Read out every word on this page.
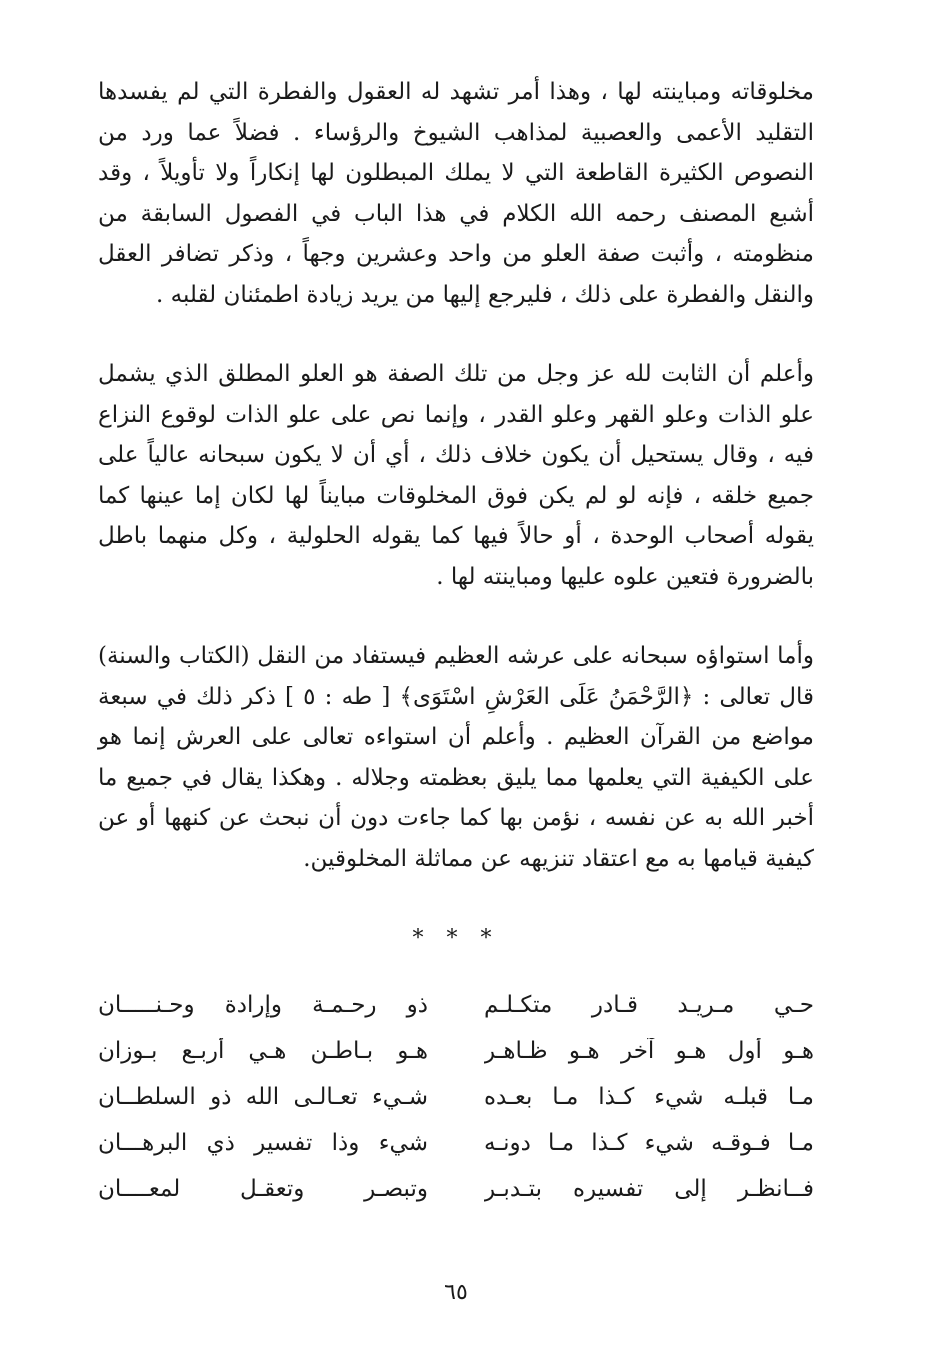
مخلوقاته ومباينته لها ، وهذا أمر تشهد له العقول والفطرة التي لم يفسدها التقليد الأعمى والعصبية لمذاهب الشيوخ والرؤساء . فضلاً عما ورد من النصوص الكثيرة القاطعة التي لا يملك المبطلون لها إنكاراً ولا تأويلاً ، وقد أشبع المصنف رحمه الله الكلام في هذا الباب في الفصول السابقة من منظومته ، وأثبت صفة العلو من واحد وعشرين وجهاً ، وذكر تضافر العقل والنقل والفطرة على ذلك ، فليرجع إليها من يريد زيادة اطمئنان لقلبه .

وأعلم أن الثابت لله عز وجل من تلك الصفة هو العلو المطلق الذي يشمل علو الذات وعلو القهر وعلو القدر ، وإنما نص على علو الذات لوقوع النزاع فيه ، وقال يستحيل أن يكون خلاف ذلك ، أي أن لا يكون سبحانه عالياً على جميع خلقه ، فإنه لو لم يكن فوق المخلوقات مبايناً لها لكان إما عينها كما يقوله أصحاب الوحدة ، أو حالاً فيها كما يقوله الحلولية ، وكل منهما باطل بالضرورة فتعين علوه عليها ومباينته لها .

وأما استواؤه سبحانه على عرشه العظيم فيستفاد من النقل (الكتاب والسنة) قال تعالى : ﴿الرَّحْمَنُ عَلَى العَرْشِ اسْتَوَى﴾ [ طه : ٥ ] ذكر ذلك في سبعة مواضع من القرآن العظيم . وأعلم أن استواءه تعالى على العرش إنما هو على الكيفية التي يعلمها مما يليق بعظمته وجلاله . وهكذا يقال في جميع ما أخبر الله به عن نفسه ، نؤمن بها كما جاءت دون أن نبحث عن كنهها أو عن كيفية قيامها به مع اعتقاد تنزيهه عن مماثلة المخلوقين.

* * *
حـي مـريـد قـادر متكـلـم
ذو رحـمـة وإرادة وحـنـــــان
هـو أول هـو آخر هـو ظـاهـر
هـو بـاطـن هـي أربـع بـوزان
مـا قبلـه شيء كـذا مـا بعـده
شـيء تعـالـى الله ذو السلطــان
مـا فـوقـه شيء كـذا مـا دونـه
شيء وذا تفسير ذي البرهـــان
فــانظـر إلى تفسيره بتـدبـر
وتبصـر وتعقـل لمعــــان
٦٥
